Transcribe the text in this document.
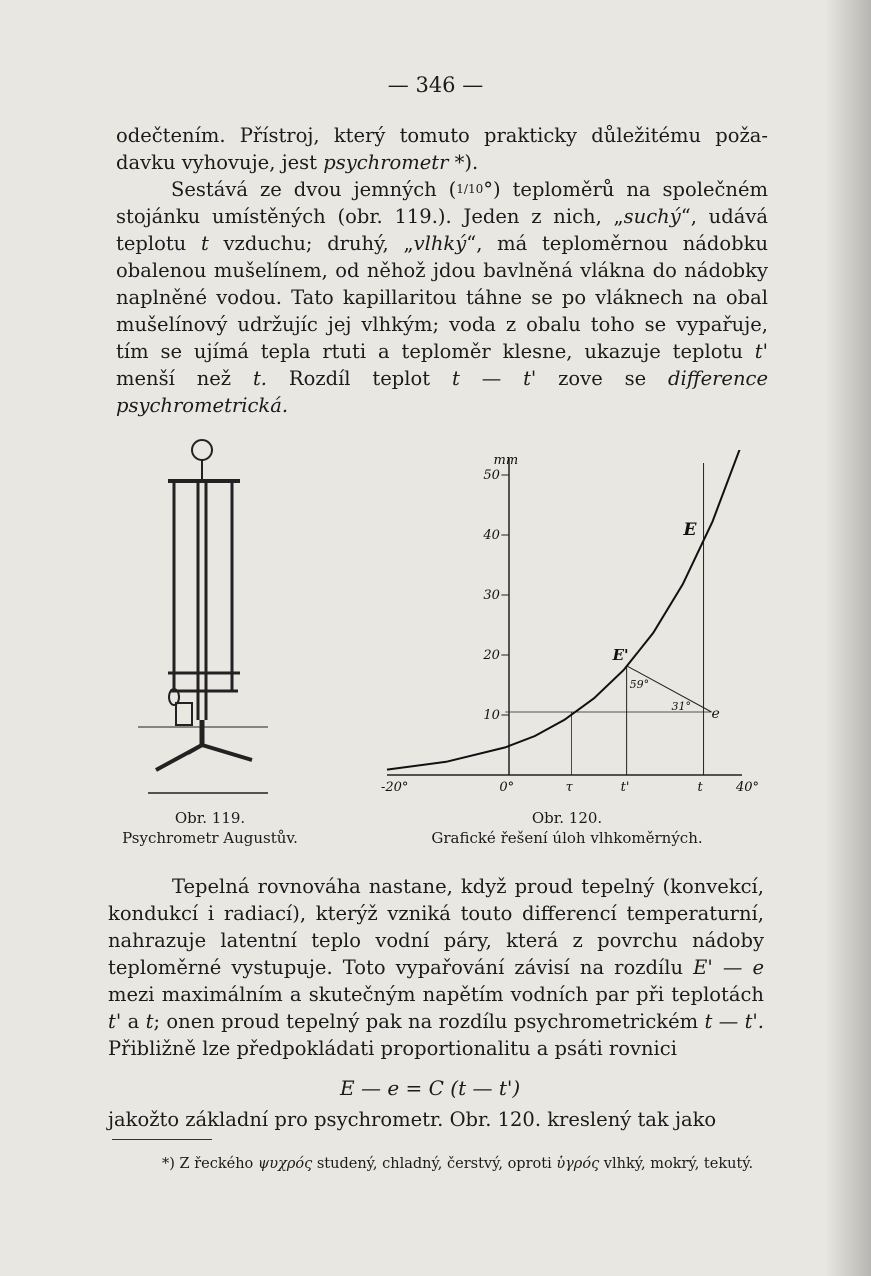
— 346 —

odečtením. Přístroj, který tomuto prakticky důležitému poža- davku vyhovuje, jest psychrometr *).

Sestává ze dvou jemných (1/10°) teploměrů na společném stojánku umístěných (obr. 119.). Jeden z nich, „suchý“, udává teplotu t vzduchu; druhý, „vlhký“, má teploměrnou nádobku obalenou mušelínem, od něhož jdou bavlněná vlákna do nádobky naplněné vodou. Tato kapillaritou táhne se po vláknech na obal mušelínový udržujíc jej vlhkým; voda z obalu toho se vypařuje, tím se ujímá tepla rtuti a teploměr klesne, ukazuje teplotu t' menší než t. Rozdíl teplot t — t' zove se difference psychrometrická.

Obr. 119.
Psychrometr Augustův.
mm
50
40
30
20
10
-20°	0°	τ	t'	t	40°
E
E'
e
59°
31°
Obr. 120.
Grafické řešení úloh vlhkoměrných.

Tepelná rovnováha nastane, když proud tepelný (konvekcí, kondukcí i radiací), kterýž vzniká touto differencí temperaturní, nahrazuje latentní teplo vodní páry, která z povrchu nádoby teploměrné vystupuje. Toto vypařování závisí na rozdílu E' — e mezi maximálním a skutečným napětím vodních par při teplotách t' a t; onen proud tepelný pak na rozdílu psychrometrickém t — t'. Přibližně lze předpokládati proportionalitu a psáti rovnici

E — e = C (t — t')
jakožto základní pro psychrometr. Obr. 120. kreslený tak jako
*) Z řeckého ψυχρός studený, chladný, čerstvý, oproti ὑγρός vlhký, mokrý, tekutý.
